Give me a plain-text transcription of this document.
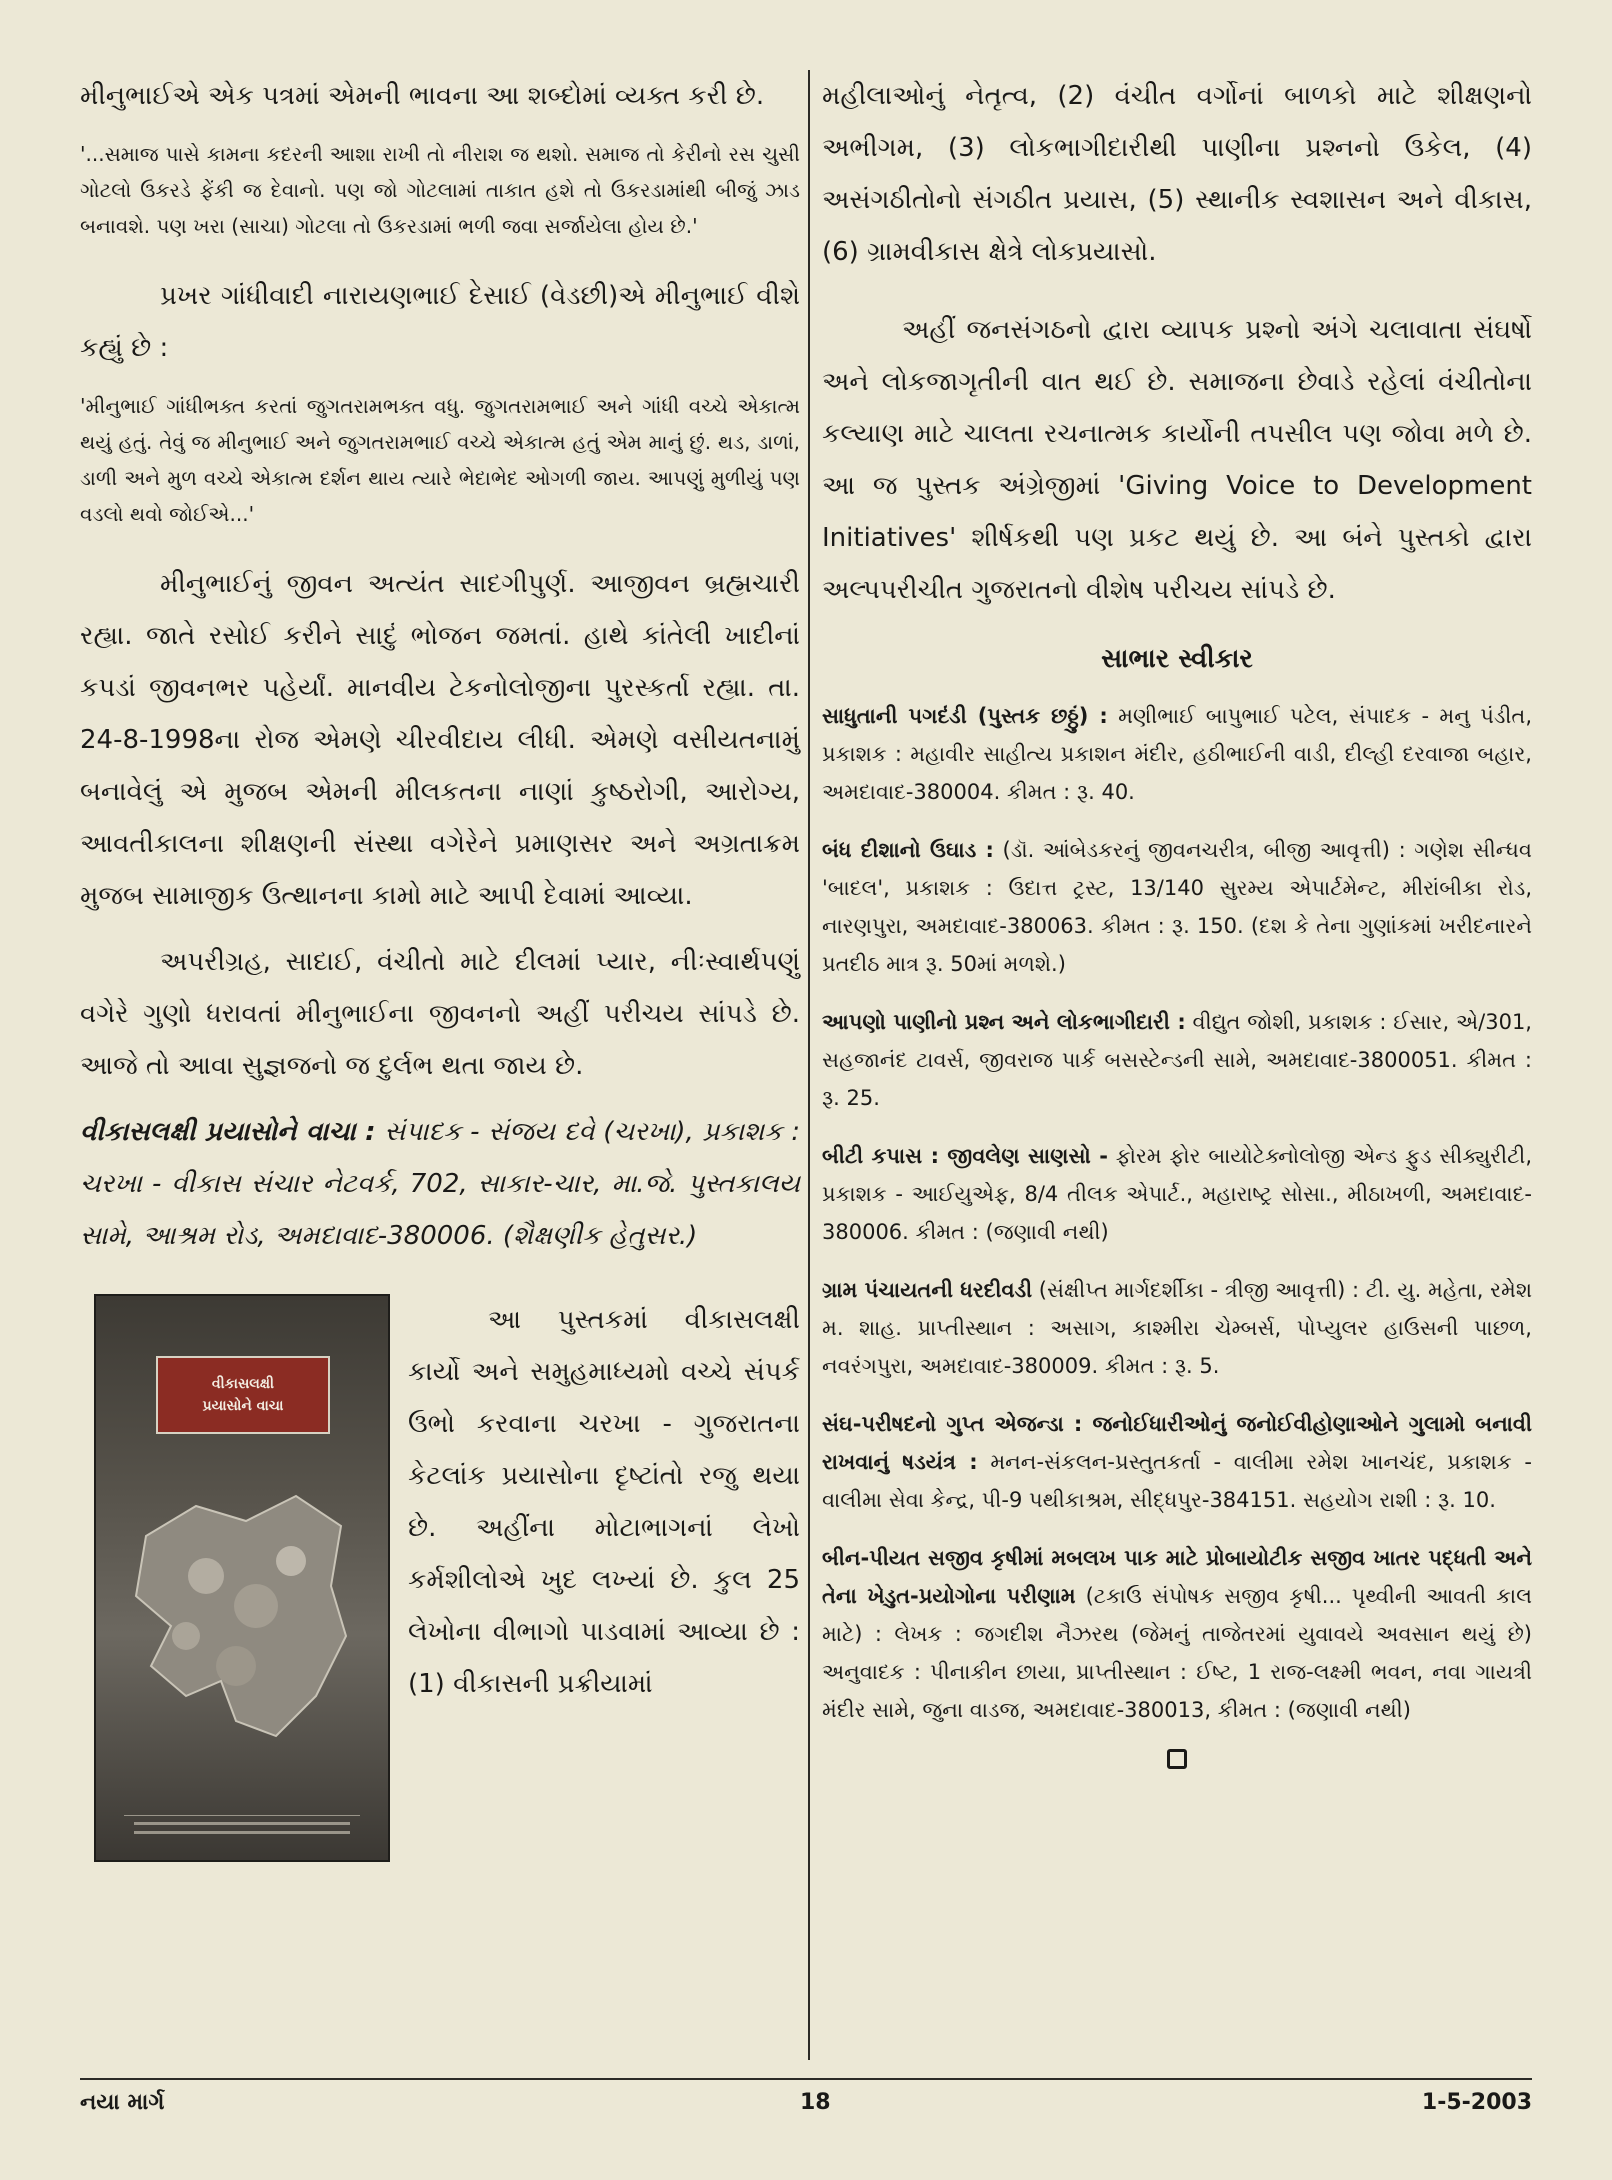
મીનુભાઈએ એક પત્રમાં એમની ભાવના આ શબ્દોમાં વ્યક્ત કરી છે.

'...સમાજ પાસે કામના કદરની આશા રાખી તો નીરાશ જ થશો. સમાજ તો કેરીનો રસ ચુસી ગોટલો ઉકરડે ફેંકી જ દેવાનો. પણ જો ગોટલામાં તાકાત હશે તો ઉકરડામાંથી બીજું ઝાડ બનાવશે. પણ ખરા (સાચા) ગોટલા તો ઉકરડામાં ભળી જવા સર્જાયેલા હોય છે.'

પ્રખર ગાંધીવાદી નારાયણભાઈ દેસાઈ (વેડછી)એ મીનુભાઈ વીશે કહ્યું છે :

'મીનુભાઈ ગાંધીભક્ત કરતાં જુગતરામભક્ત વધુ. જુગતરામભાઈ અને ગાંધી વચ્ચે એકાત્મ થયું હતું. તેવું જ મીનુભાઈ અને જુગતરામભાઈ વચ્ચે એકાત્મ હતું એમ માનું છું. થડ, ડાળાં, ડાળી અને મુળ વચ્ચે એકાત્મ દર્શન થાય ત્યારે ભેદાભેદ ઓગળી જાય. આપણું મુળીયું પણ વડલો થવો જોઈએ...'

મીનુભાઈનું જીવન અત્યંત સાદગીપુર્ણ. આજીવન બ્રહ્મચારી રહ્યા. જાતે રસોઈ કરીને સાદું ભોજન જમતાં. હાથે કાંતેલી ખાદીનાં કપડાં જીવનભર પહેર્યાં. માનવીય ટેકનોલોજીના પુરસ્કર્તા રહ્યા. તા. 24-8-1998ના રોજ એમણે ચીરવીદાય લીધી. એમણે વસીયતનામું બનાવેલું એ મુજબ એમની મીલકતના નાણાં કુષ્ઠરોગી, આરોગ્ય, આવતીકાલના શીક્ષણની સંસ્થા વગેરેને પ્રમાણસર અને અગ્રતાક્રમ મુજબ સામાજીક ઉત્થાનના કામો માટે આપી દેવામાં આવ્યા.

અપરીગ્રહ, સાદાઈ, વંચીતો માટે દીલમાં પ્યાર, નીઃસ્વાર્થપણું વગેરે ગુણો ધરાવતાં મીનુભાઈના જીવનનો અહીં પરીચય સાંપડે છે. આજે તો આવા સુજ્ઞજનો જ દુર્લભ થતા જાય છે.

વીકાસલક્ષી પ્રયાસોને વાચા : સંપાદક - સંજય દવે (ચરખા), પ્રકાશક : ચરખા - વીકાસ સંચાર નેટવર્ક, 702, સાકાર-ચાર, મા.જે. પુસ્તકાલય સામે, આશ્રમ રોડ, અમદાવાદ-380006. (શૈક્ષણીક હેતુસર.)

વીકાસલક્ષી
પ્રયાસોને વાચા

આ પુસ્તકમાં વીકાસલક્ષી કાર્યો અને સમુહમાધ્યમો વચ્ચે સંપર્ક ઉભો કરવાના ચરખા - ગુજરાતના કેટલાંક પ્રયાસોના દૃષ્ટાંતો રજુ થયા છે. અહીંના મોટાભાગનાં લેખો કર્મશીલોએ ખુદ લખ્યાં છે. કુલ 25 લેખોના વીભાગો પાડવામાં આવ્યા છે : (1) વીકાસની પ્રક્રીયામાં

મહીલાઓનું નેતૃત્વ, (2) વંચીત વર્ગોનાં બાળકો માટે શીક્ષણનો અભીગમ, (3) લોકભાગીદારીથી પાણીના પ્રશ્નનો ઉકેલ, (4) અસંગઠીતોનો સંગઠીત પ્રયાસ, (5) સ્થાનીક સ્વશાસન અને વીકાસ, (6) ગ્રામવીકાસ ક્ષેત્રે લોકપ્રયાસો.

અહીં જનસંગઠનો દ્વારા વ્યાપક પ્રશ્નો અંગે ચલાવાતા સંઘર્ષો અને લોકજાગૃતીની વાત થઈ છે. સમાજના છેવાડે રહેલાં વંચીતોના કલ્યાણ માટે ચાલતા રચનાત્મક કાર્યોની તપસીલ પણ જોવા મળે છે. આ જ પુસ્તક અંગ્રેજીમાં 'Giving Voice to Development Initiatives' શીર્ષકથી પણ પ્રકટ થયું છે. આ બંને પુસ્તકો દ્વારા અલ્પપરીચીત ગુજરાતનો વીશેષ પરીચય સાંપડે છે.

સાભાર સ્વીકાર

સાધુતાની પગદંડી (પુસ્તક છઠ્ઠું) : મણીભાઈ બાપુભાઈ પટેલ, સંપાદક - મનુ પંડીત, પ્રકાશક : મહાવીર સાહીત્ય પ્રકાશન મંદીર, હઠીભાઈની વાડી, દીલ્હી દરવાજા બહાર, અમદાવાદ-380004. કીમત : રૂ. 40.

બંધ દીશાનો ઉઘાડ : (ડૉ. આંબેડકરનું જીવનચરીત્ર, બીજી આવૃત્તી) : ગણેશ સીન્ધવ 'બાદલ', પ્રકાશક : ઉદાત્ત ટ્રસ્ટ, 13/140 સુરમ્ય એપાર્ટમેન્ટ, મીરાંબીકા રોડ, નારણપુરા, અમદાવાદ-380063. કીમત : રૂ. 150. (દશ કે તેના ગુણાંકમાં ખરીદનારને પ્રતદીઠ માત્ર રૂ. 50માં મળશે.)

આપણો પાણીનો પ્રશ્ન અને લોકભાગીદારી : વીદ્યુત જોશી, પ્રકાશક : ઈસાર, એ/301, સહજાનંદ ટાવર્સ, જીવરાજ પાર્ક બસસ્ટેન્ડની સામે, અમદાવાદ-3800051. કીમત : રૂ. 25.

બીટી કપાસ : જીવલેણ સાણસો - ફોરમ ફોર બાયોટેક્નોલોજી એન્ડ ફુડ સીક્યુરીટી, પ્રકાશક - આઈયુએફ, 8/4 તીલક એપાર્ટ., મહારાષ્ટ્ર સોસા., મીઠાખળી, અમદાવાદ- 380006. કીમત : (જણાવી નથી)

ગ્રામ પંચાયતની ધરદીવડી (સંક્ષીપ્ત માર્ગદર્શીકા - ત્રીજી આવૃત્તી) : ટી. યુ. મહેતા, રમેશ મ. શાહ. પ્રાપ્તીસ્થાન : અસાગ, કાશ્મીરા ચેમ્બર્સ, પોપ્યુલર હાઉસની પાછળ, નવરંગપુરા, અમદાવાદ-380009. કીમત : રૂ. 5.

સંઘ-પરીષદનો ગુપ્ત એજન્ડા : જનોઈધારીઓનું જનોઈવીહોણાઓને ગુલામો બનાવી રાખવાનું ષડયંત્ર : મનન-સંકલન-પ્રસ્તુતકર્તા - વાલીમા રમેશ ખાનચંદ, પ્રકાશક - વાલીમા સેવા કેન્દ્ર, પી-9 પથીકાશ્રમ, સીદ્ધપુર-384151. સહયોગ રાશી : રૂ. 10.

બીન-પીયત સજીવ કૃષીમાં મબલખ પાક માટે પ્રોબાયોટીક સજીવ ખાતર પદ્ધતી અને તેના ખેડુત-પ્રયોગોના પરીણામ (ટકાઉ સંપોષક સજીવ કૃષી... પૃથ્વીની આવતી કાલ માટે) : લેખક : જગદીશ નૈઝરથ (જેમનું તાજેતરમાં યુવાવયે અવસાન થયું છે) અનુવાદક : પીનાકીન છાયા, પ્રાપ્તીસ્થાન : ઈષ્ટ, 1 રાજ-લક્ષ્મી ભવન, નવા ગાયત્રી મંદીર સામે, જુના વાડજ, અમદાવાદ-380013, કીમત : (જણાવી નથી)

નયા માર્ગ	18	1-5-2003
